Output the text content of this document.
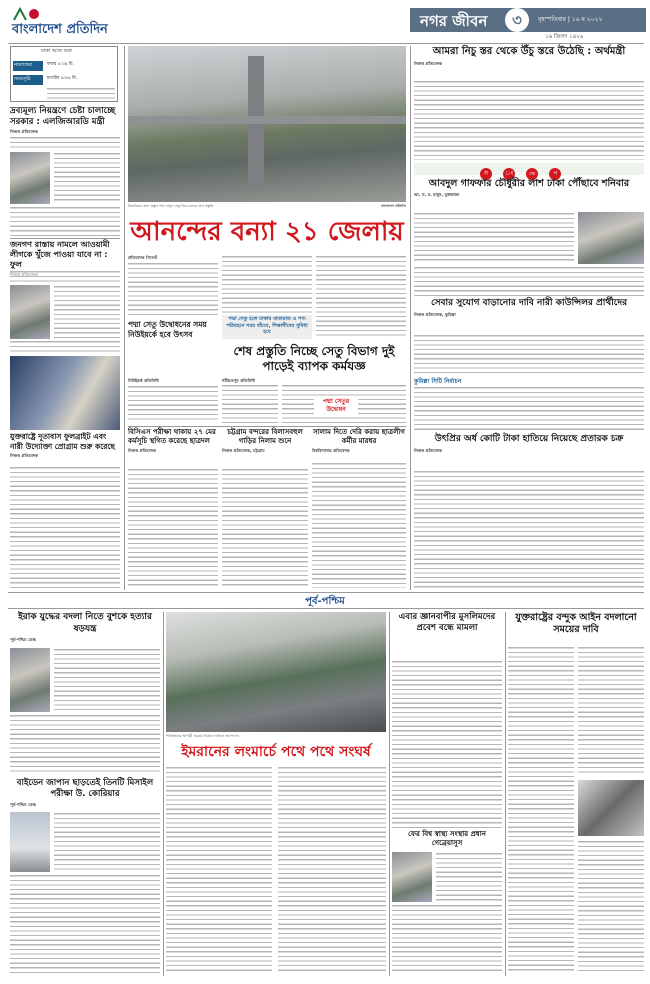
বাংলাদেশ প্রতিদিন	নগর জীবন	৩	বৃহস্পতিবার | ১৬ ম ২০২২
১৬ জিলদ ১৪২৯
ঢাকা আজ শুরু
নামাজের
সময়সূচি
ফজর ৪:৩৯ মি.
মাগরিব ৬:৪৯ মি.
দ্রব্যমূল্য নিয়ন্ত্রণে চেষ্টা চালাচ্ছে সরকার : এলজিআরডি মন্ত্রী
নিজস্ব প্রতিবেদক
জনগণ রাস্তায় নামলে আওয়ামী লীগকে খুঁজে পাওয়া যাবে না : ফুল
যুক্তরাষ্ট্রে দূতাবাস ফুলব্রাইট এবং নারী উদ্যোক্তা প্রোগ্রাম শুরু করেছে
নিজস্ব প্রতিবেদক
উদ্বোধনের জন্য প্রস্তুত পদ্মা সেতু। সেতু ঘিরে চলছে নানা প্রস্তুতি	বাংলাদেশ প্রতিদিন
আনন্দের বন্যা ২১ জেলায়
প্রতিবেদক সিলেট
পদ্মা সেতু হলে ঢাকায় যাতায়াত ও পণ্য পরিবহনে সময় বাঁচবে, শিক্ষাথীদের সুবিধা হবে
পদ্মা সেতু উদ্বোধনের সময় নিউইয়র্কে হবে উৎসব
নিউইয়র্ক প্রতিনিধি
শেষ প্রস্তুতি নিচ্ছে সেতু বিভাগ দুই পাড়েই ব্যাপক কর্মযজ্ঞ
শরীয়তপুর প্রতিনিধি
পদ্মা সেতুর উদ্বোধন
বিসিএস পরীক্ষা থাকায় ২৭ মের কর্মসূচি স্থগিত করেছে ছাত্রদল
নিজস্ব প্রতিবেদক
চট্টগ্রাম বন্দরের বিলাসবহুল গাড়ির নিলাম শুনে
নিজস্ব প্রতিবেদক, চট্টগ্রাম
সালাম দিতে দেরি করায় ছাত্রলীগ কর্মীর মারধর
বিশ্ববিদ্যালয় প্রতিবেদক
আমরা নিচু স্তর থেকে উঁচু স্তরে উঠেছি : অর্থমন্ত্রী
নিজস্ব প্রতিবেদক
স	ং	ক্ষে	প
আবদুল গাফফার চৌধুরীর লাশ ঢাকা পৌঁছাবে শনিবার
আ. স. ম. মামুন, যুক্তরাজ্য
সেবার সুযোগ বাড়ানোর দাবি নারী কাউন্সিলর প্রার্থীদের
নিজস্ব প্রতিবেদক, কুমিল্লা
কুমিল্লা সিটি নির্বাচন
উৎপ্রির অর্ধ কোটি টাকা হাতিয়ে নিয়েছে প্রতারক চক্র
নিজস্ব প্রতিবেদক
পূর্ব-পশ্চিম
ইরাক যুদ্ধের বদলা নিতে বুশকে হত্যার ষড়যন্ত্র
পূর্ব-পশ্চিম ডেস্ক
বাইডেন জাপান ছাড়তেই তিনটি মিসাইল পরীক্ষা উ. কোরিয়ার
পূর্ব-পশ্চিম ডেস্ক
পাকিস্তানের আগামী সরকার নির্বাচন দাবিতে আন্দোলন
ইমরানের লংমার্চে পথে পথে সংঘর্ষ
এবার জ্ঞানবাপীর মুসলিমদের প্রবেশ বন্ধে মামলা
ফের বিশ্ব স্বাস্থ্য সংস্থার প্রধান গেব্রেয়াসুস
যুক্তরাষ্ট্রের বন্দুক আইন বদলানো সময়ের দাবি
